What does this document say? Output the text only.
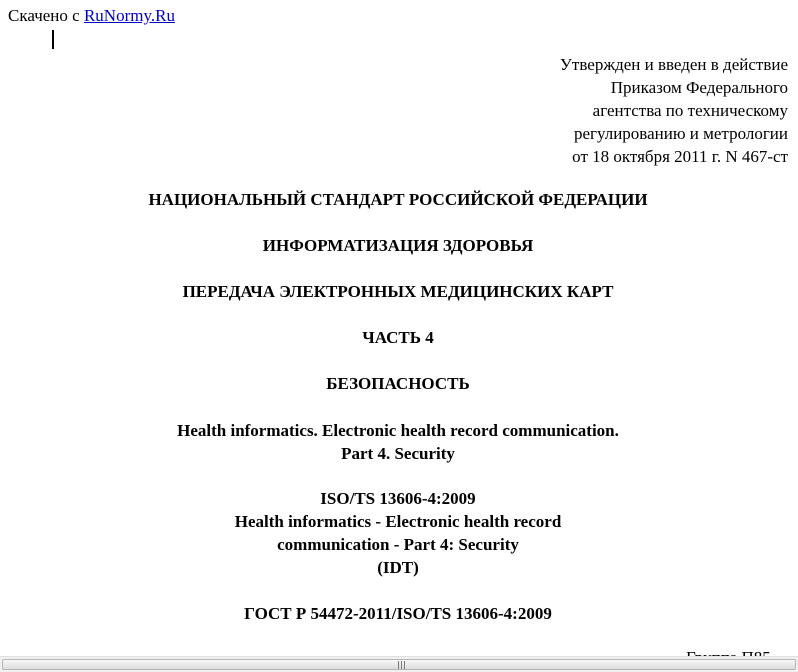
Скачено с RuNormy.Ru
Утвержден и введен в действие
Приказом Федерального
агентства по техническому
регулированию и метрологии
от 18 октября 2011 г. N 467-ст
НАЦИОНАЛЬНЫЙ СТАНДАРТ РОССИЙСКОЙ ФЕДЕРАЦИИ
ИНФОРМАТИЗАЦИЯ ЗДОРОВЬЯ
ПЕРЕДАЧА ЭЛЕКТРОННЫХ МЕДИЦИНСКИХ КАРТ
ЧАСТЬ 4
БЕЗОПАСНОСТЬ
Health informatics. Electronic health record communication.
Part 4. Security
ISO/TS 13606-4:2009
Health informatics - Electronic health record
communication - Part 4: Security
(IDT)
ГОСТ Р 54472-2011/ISO/TS 13606-4:2009
